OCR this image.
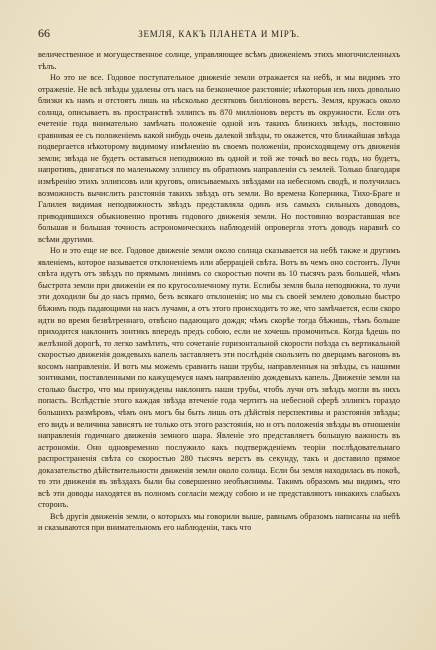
66	ЗЕМЛЯ, КАКЪ ПЛАНЕТА И МІРЪ.

величественное и могущественное солнце, управляющее всѣмъ движеніемъ этихъ многочисленныхъ тѣлъ.

Но это не все. Годовое поступательное движеніе земли отражается на небѣ, и мы видимъ это отраженіе. Не всѣ звѣзды удалены отъ насъ на безконечное разстояніе; нѣкоторыя изъ нихъ довольно близки къ намъ и отстоятъ лишь на нѣсколько десятковъ билліоновъ верстъ. Земля, кружась около солнца, описываетъ въ пространствѣ эллипсъ въ 870 милліоновъ верстъ въ окружности. Если отъ ечетеніе года внимательно замѣчать положеніе одной изъ такихъ близкихъ звѣздъ, постоянно сравнивая ее съ положеніемъ какой нибудь очень далекой звѣзды, то окажется, что ближайшая звѣзда подвергается нѣкоторому видимому измѣненію въ своемъ положеніи, происходящему отъ движенія земли; звѣзда не будетъ оставаться неподвижно въ одной и той же точкѣ во весь годъ, но будетъ, напротивъ, двигаться по маленькому эллипсу въ обратномъ направленіи съ землей. Только благодаря измѣренію этихъ эллипсовъ или круговъ, описываемыхъ звѣздами на небесномъ сводѣ, и получилась возможность вычислить разстоянія такихъ звѣздъ отъ земли. Во времена Коперника, Тихо-Браге и Галилея видимая неподвижность звѣздъ представляла одинъ изъ самыхъ сильныхъ доводовъ, приводившихся обыкновенно противъ годового движенія земли. Но постоянно возраставшая все большая и большая точность астрономическихъ наблюденій опровергла этотъ доводъ наравнѣ со всѣми другими.

Но и это еще не все. Годовое движеніе земли около солнца сказывается на небѣ также и другимъ явленіемъ, которое называется отклоненіемъ или аберраціей свѣта. Вотъ въ чемъ оно состоитъ. Лучи свѣта идутъ отъ звѣздъ по прямымъ линіямъ со скоростью почти въ 10 тысячъ разъ большей, чѣмъ быстрота земли при движеніи ея по кругосолнечному пути. Еслибы земля была неподвижна, то лучи эти доходили бы до насъ прямо, безъ всякаго отклоненія; но мы съ своей землею довольно быстро бѣжимъ подъ падающими на насъ лучами, а отъ этого происходитъ то же, что замѣчается, если скоро идти во время безвѣтреннаго, отвѣсно падающаго дождя; чѣмъ скорѣе тогда бѣжишь, тѣмъ больше приходится наклонить зонтикъ впередъ предъ собою, если не хочешь промочиться. Когда ѣдешь по желѣзной дорогѣ, то легко замѣтить, что сочетаніе горизонтальной скорости поѣзда съ вертикальной скоростью движенія дождевыхъ капель заставляетъ эти послѣднія скользить по дверцамъ вагоновъ въ косомъ направленіи. И вотъ мы можемъ сравнить наши трубы, направленныя на звѣзды, съ нашими зонтиками, поставленными по кажущемуся намъ направленію дождевыхъ капель. Движеніе земли на столько быстро, что мы принуждены наклонять наши трубы, чтобъ лучи отъ звѣздъ могли въ нихъ попасть. Вслѣдствіе этого каждая звѣзда втеченіе года чертитъ на небесной сферѣ эллипсъ гораздо большихъ размѣровъ, чѣмъ онъ могъ бы быть лишь отъ дѣйствія перспективы и разстоянія звѣзды; его видъ и величина зависятъ не только отъ этого разстоянія, но и отъ положенія звѣзды въ отношеніи направленія годичнаго движенія земного шара. Явленіе это представляетъ большую важность въ астрономіи. Оно одновременно послужило какъ подтвержденіемъ теоріи послѣдовательнаго распространенія свѣта со скоростью 280 тысячъ верстъ въ секунду, такъ и доставило прямое доказательство дѣйствительности движенія земли около солнца. Если бы земля находилась въ покоѣ, то эти движенія въ звѣздахъ были бы совершенно необъяснимы. Такимъ образомъ мы видимъ, что всѣ эти доводы находятся въ полномъ согласіи между собою и не представляютъ никакихъ слабыхъ сторонъ.

Всѣ другія движенія земли, о которыхъ мы говорили выше, равнымъ образомъ написаны на небѣ и сказываются при внимательномъ его наблюденіи, такъ что
